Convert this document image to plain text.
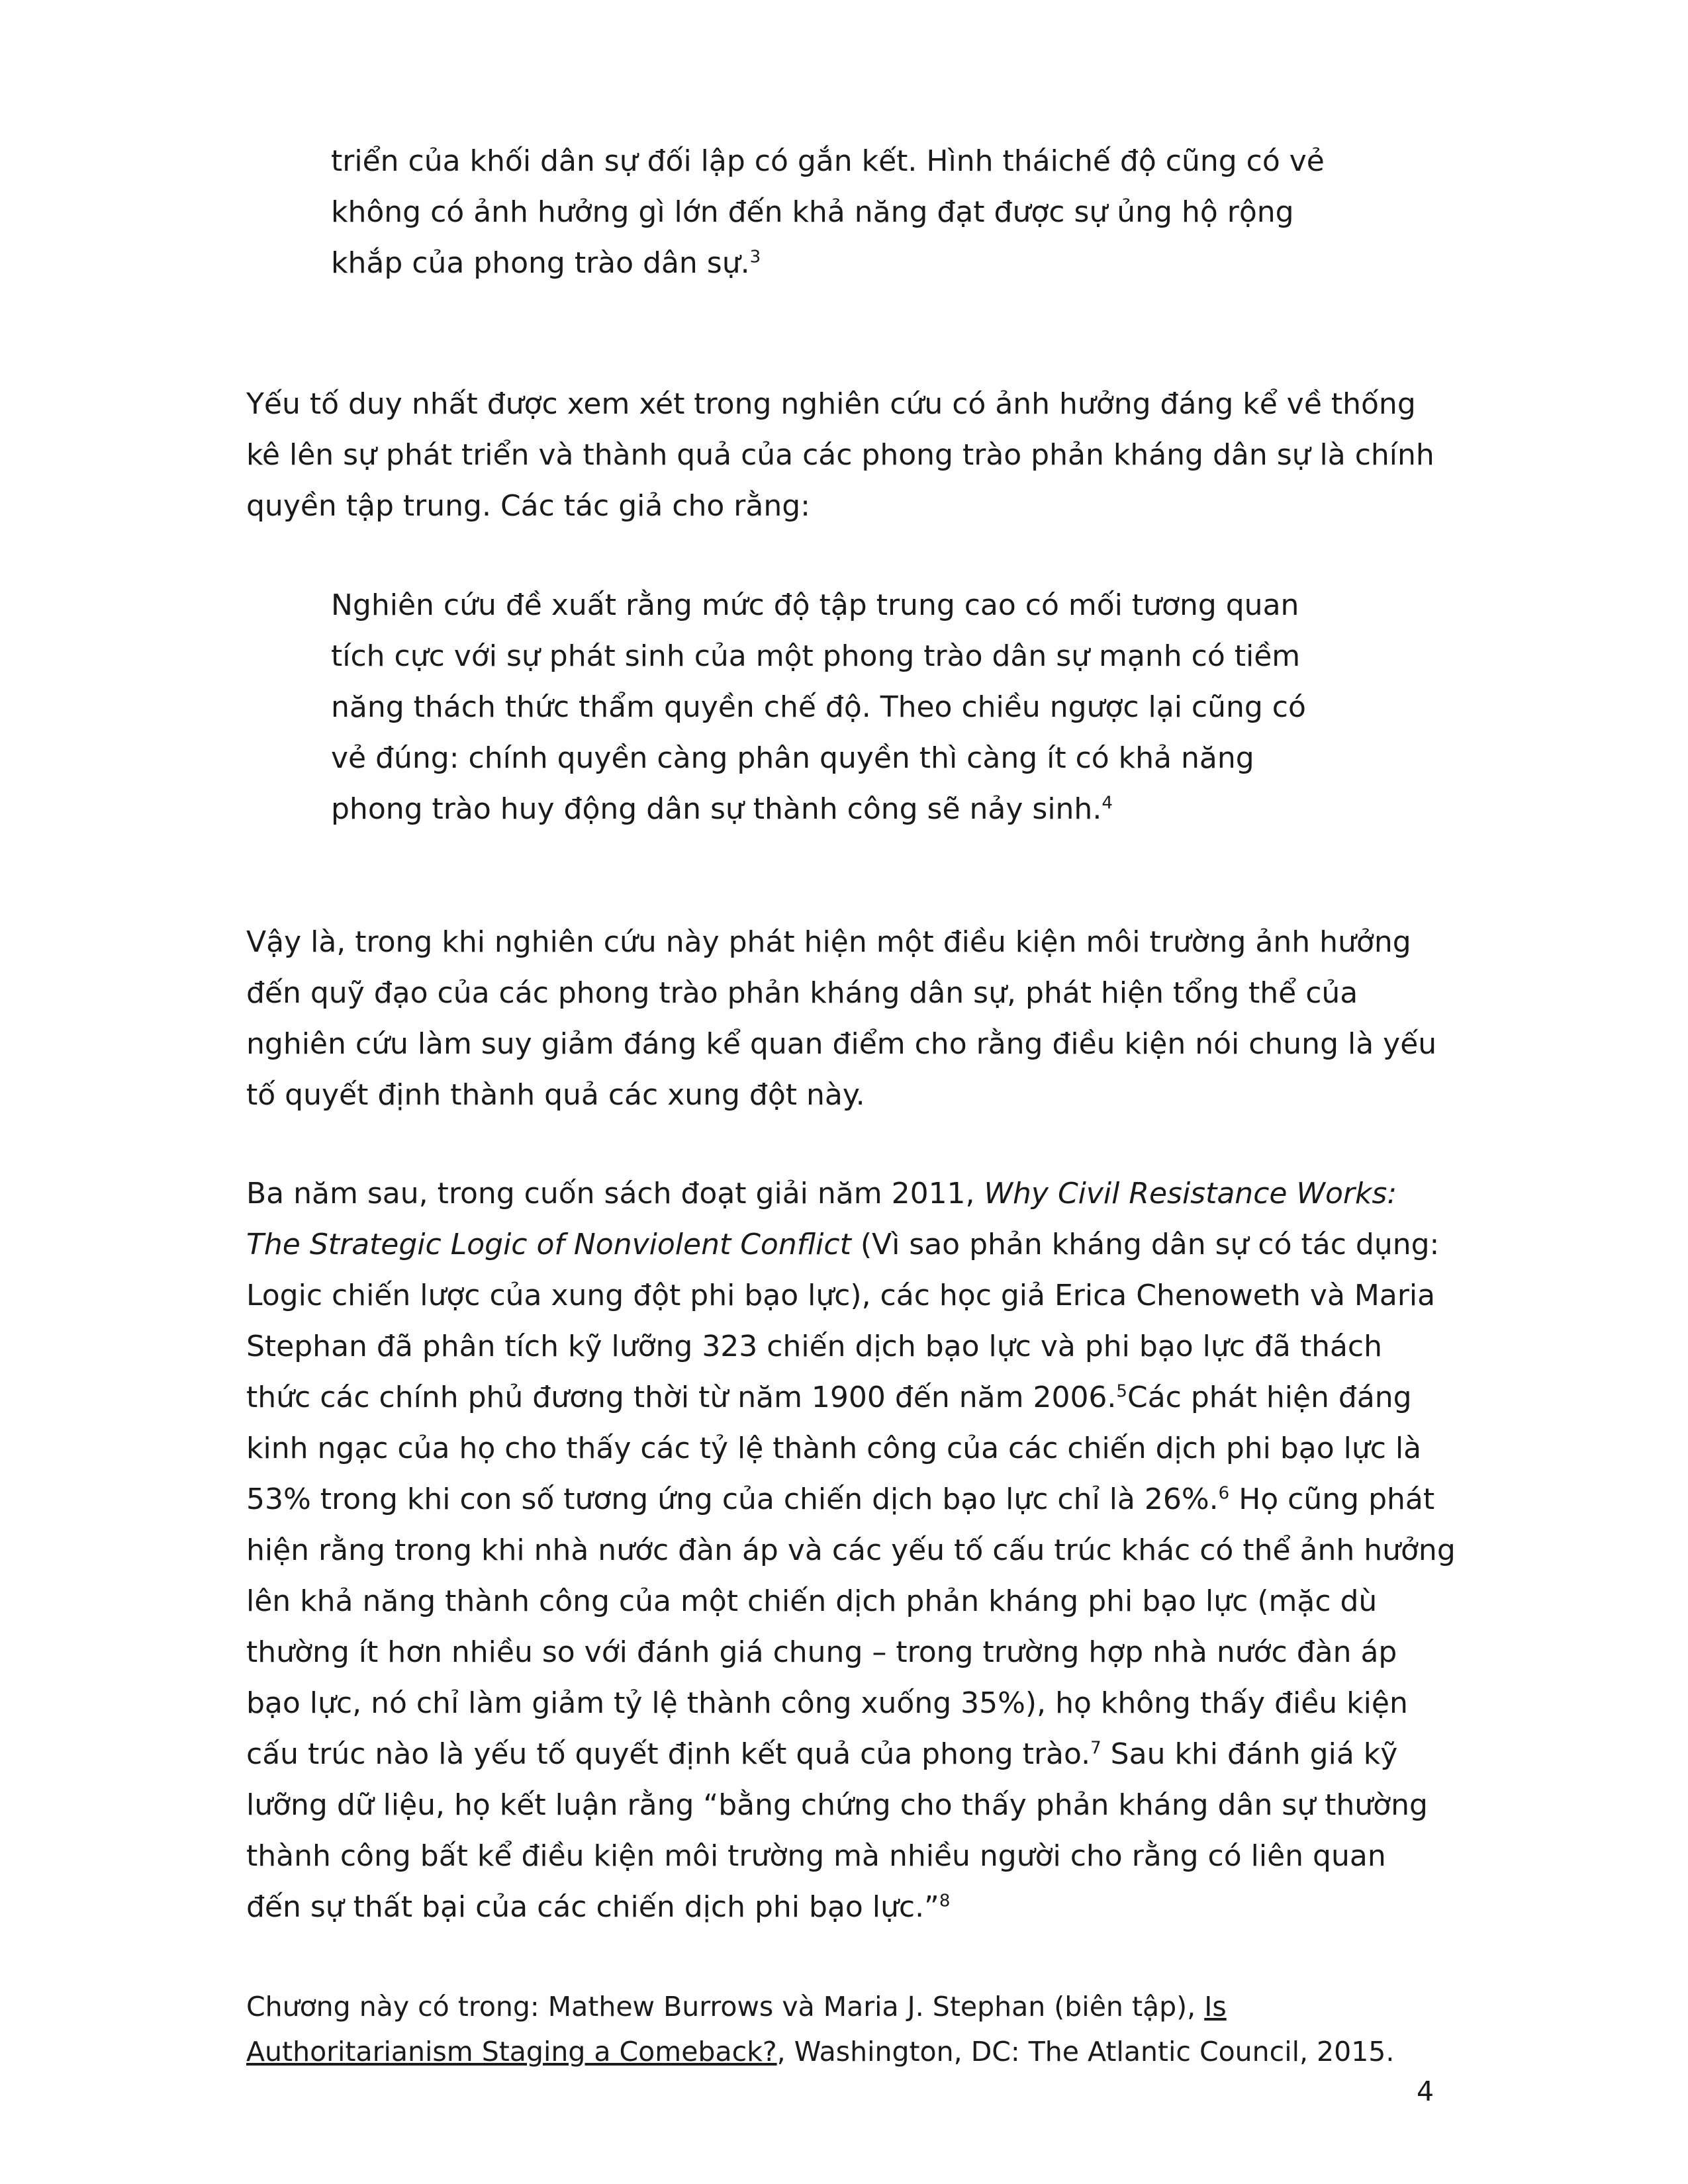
triển của khối dân sự đối lập có gắn kết. Hình tháichế độ cũng có vẻ
không có ảnh hưởng gì lớn đến khả năng đạt được sự ủng hộ rộng
khắp của phong trào dân sự.$^3$
Yếu tố duy nhất được xem xét trong nghiên cứu có ảnh hưởng đáng kể về thống
kê lên sự phát triển và thành quả của các phong trào phản kháng dân sự là chính
quyền tập trung. Các tác giả cho rằng:
Nghiên cứu đề xuất rằng mức độ tập trung cao có mối tương quan
tích cực với sự phát sinh của một phong trào dân sự mạnh có tiềm
năng thách thức thẩm quyền chế độ. Theo chiều ngược lại cũng có
vẻ đúng: chính quyền càng phân quyền thì càng ít có khả năng
phong trào huy động dân sự thành công sẽ nảy sinh.$^4$
Vậy là, trong khi nghiên cứu này phát hiện một điều kiện môi trường ảnh hưởng
đến quỹ đạo của các phong trào phản kháng dân sự, phát hiện tổng thể của
nghiên cứu làm suy giảm đáng kể quan điểm cho rằng điều kiện nói chung là yếu
tố quyết định thành quả các xung đột này.
Ba năm sau, trong cuốn sách đoạt giải năm 2011, Why Civil Resistance Works:
The Strategic Logic of Nonviolent Conflict (Vì sao phản kháng dân sự có tác dụng:
Logic chiến lược của xung đột phi bạo lực), các học giả Erica Chenoweth và Maria
Stephan đã phân tích kỹ lưỡng 323 chiến dịch bạo lực và phi bạo lực đã thách
thức các chính phủ đương thời từ năm 1900 đến năm 2006.$^5$Các phát hiện đáng
kinh ngạc của họ cho thấy các tỷ lệ thành công của các chiến dịch phi bạo lực là
53% trong khi con số tương ứng của chiến dịch bạo lực chỉ là 26%.$^6$ Họ cũng phát
hiện rằng trong khi nhà nước đàn áp và các yếu tố cấu trúc khác có thể ảnh hưởng
lên khả năng thành công của một chiến dịch phản kháng phi bạo lực (mặc dù
thường ít hơn nhiều so với đánh giá chung – trong trường hợp nhà nước đàn áp
bạo lực, nó chỉ làm giảm tỷ lệ thành công xuống 35%), họ không thấy điều kiện
cấu trúc nào là yếu tố quyết định kết quả của phong trào.$^7$ Sau khi đánh giá kỹ
lưỡng dữ liệu, họ kết luận rằng “bằng chứng cho thấy phản kháng dân sự thường
thành công bất kể điều kiện môi trường mà nhiều người cho rằng có liên quan
đến sự thất bại của các chiến dịch phi bạo lực.”$^8$
Chương này có trong: Mathew Burrows và Maria J. Stephan (biên tập), Is
Authoritarianism Staging a Comeback?, Washington, DC: The Atlantic Council, 2015.
4
